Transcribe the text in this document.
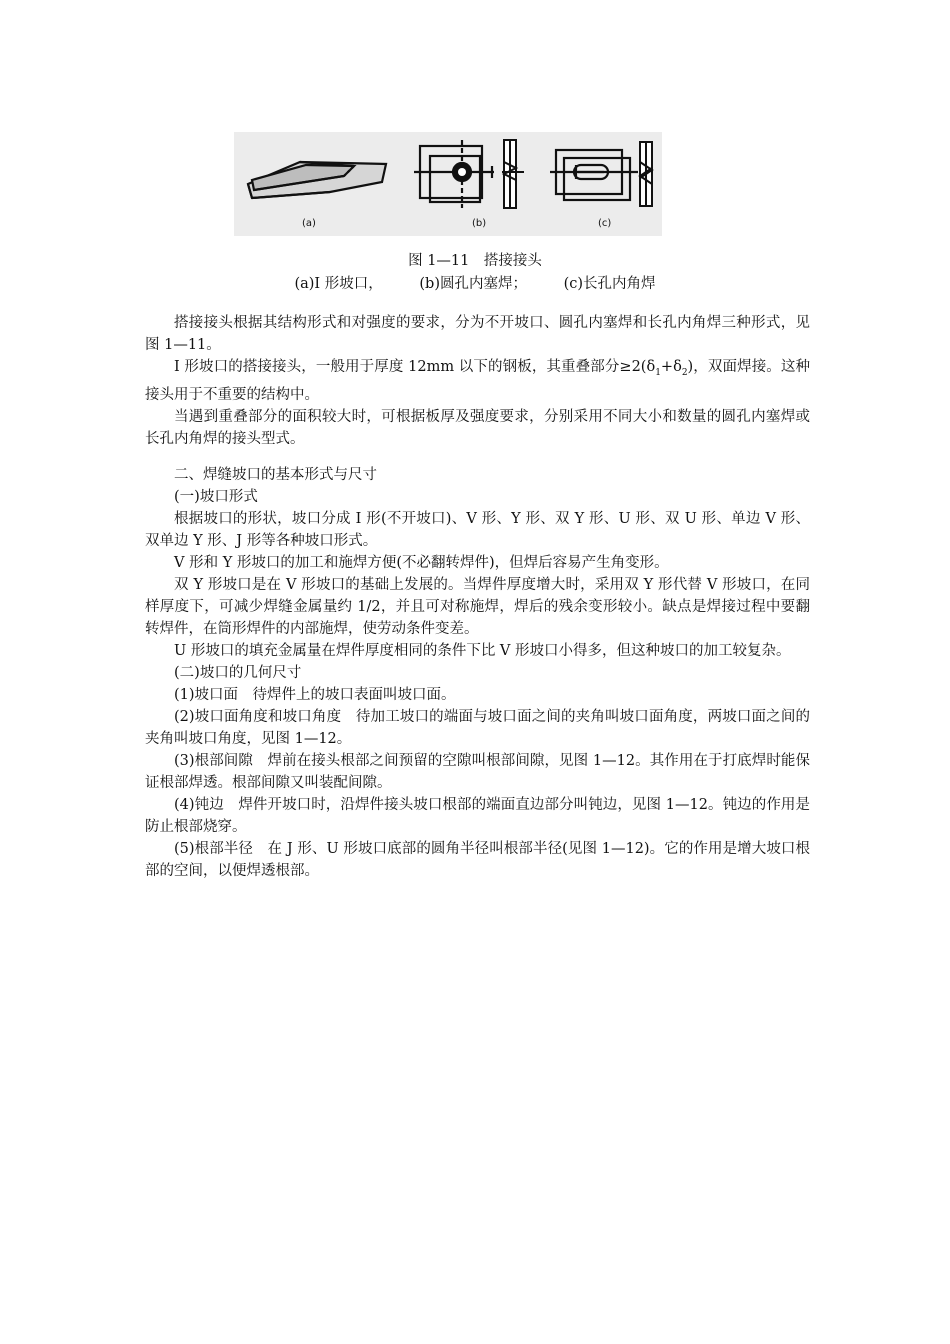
(a)	(b)	(c)
图 1—11　搭接接头
(a)I 形坡口，	(b)圆孔内塞焊；	(c)长孔内角焊

搭接接头根据其结构形式和对强度的要求，分为不开坡口、圆孔内塞焊和长孔内角焊三种形式，见图 1—11。

I 形坡口的搭接接头，一般用于厚度 12mm 以下的钢板，其重叠部分$\ge 2(\delta_1+\delta_2)$，双面焊接。这种接头用于不重要的结构中。

当遇到重叠部分的面积较大时，可根据板厚及强度要求，分别采用不同大小和数量的圆孔内塞焊或长孔内角焊的接头型式。

二、焊缝坡口的基本形式与尺寸

(一)坡口形式

根据坡口的形状，坡口分成 I 形(不开坡口)、V 形、Y 形、双 Y 形、U 形、双 U 形、单边 V 形、双单边 Y 形、J 形等各种坡口形式。

V 形和 Y 形坡口的加工和施焊方便(不必翻转焊件)，但焊后容易产生角变形。

双 Y 形坡口是在 V 形坡口的基础上发展的。当焊件厚度增大时，采用双 Y 形代替 V 形坡口，在同样厚度下，可减少焊缝金属量约 1/2，并且可对称施焊，焊后的残余变形较小。缺点是焊接过程中要翻转焊件，在筒形焊件的内部施焊，使劳动条件变差。

U 形坡口的填充金属量在焊件厚度相同的条件下比 V 形坡口小得多，但这种坡口的加工较复杂。

(二)坡口的几何尺寸

(1)坡口面　待焊件上的坡口表面叫坡口面。

(2)坡口面角度和坡口角度　待加工坡口的端面与坡口面之间的夹角叫坡口面角度，两坡口面之间的夹角叫坡口角度，见图 1—12。

(3)根部间隙　焊前在接头根部之间预留的空隙叫根部间隙，见图 1—12。其作用在于打底焊时能保证根部焊透。根部间隙又叫装配间隙。

(4)钝边　焊件开坡口时，沿焊件接头坡口根部的端面直边部分叫钝边，见图 1—12。钝边的作用是防止根部烧穿。

(5)根部半径　在 J 形、U 形坡口底部的圆角半径叫根部半径(见图 1—12)。它的作用是增大坡口根部的空间，以便焊透根部。
